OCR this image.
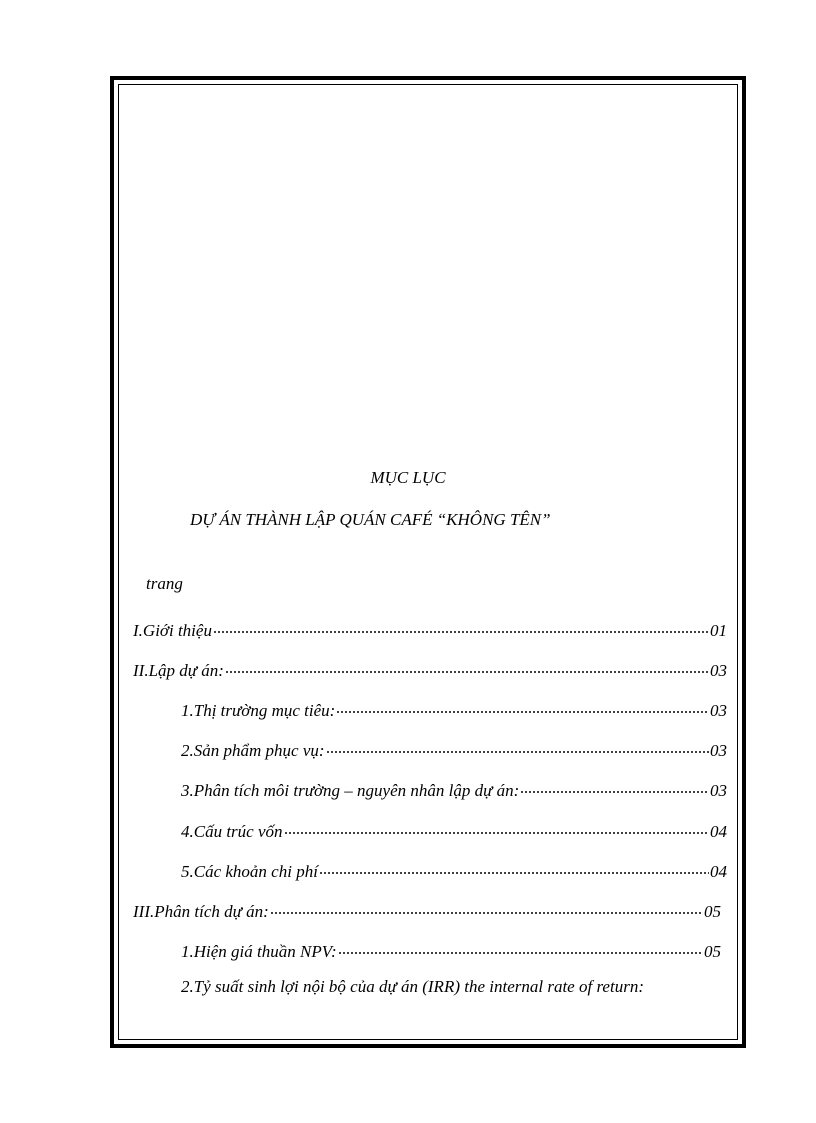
MỤC LỤC
DỰ ÁN THÀNH LẬP QUÁN CAFÉ “KHÔNG TÊN”
trang
I.Giới thiệu	01
II.Lập dự án:	03
1.Thị trường mục tiêu:	03
2.Sản phẩm phục vụ:	03
3.Phân tích môi trường – nguyên nhân lập dự án:	03
4.Cấu trúc vốn	04
5.Các khoản chi phí	04
III.Phân tích dự án:	05
1.Hiện giá thuần NPV:	05
2.Tỷ suất sinh lợi nội bộ của dự án (IRR) the internal rate of return:
